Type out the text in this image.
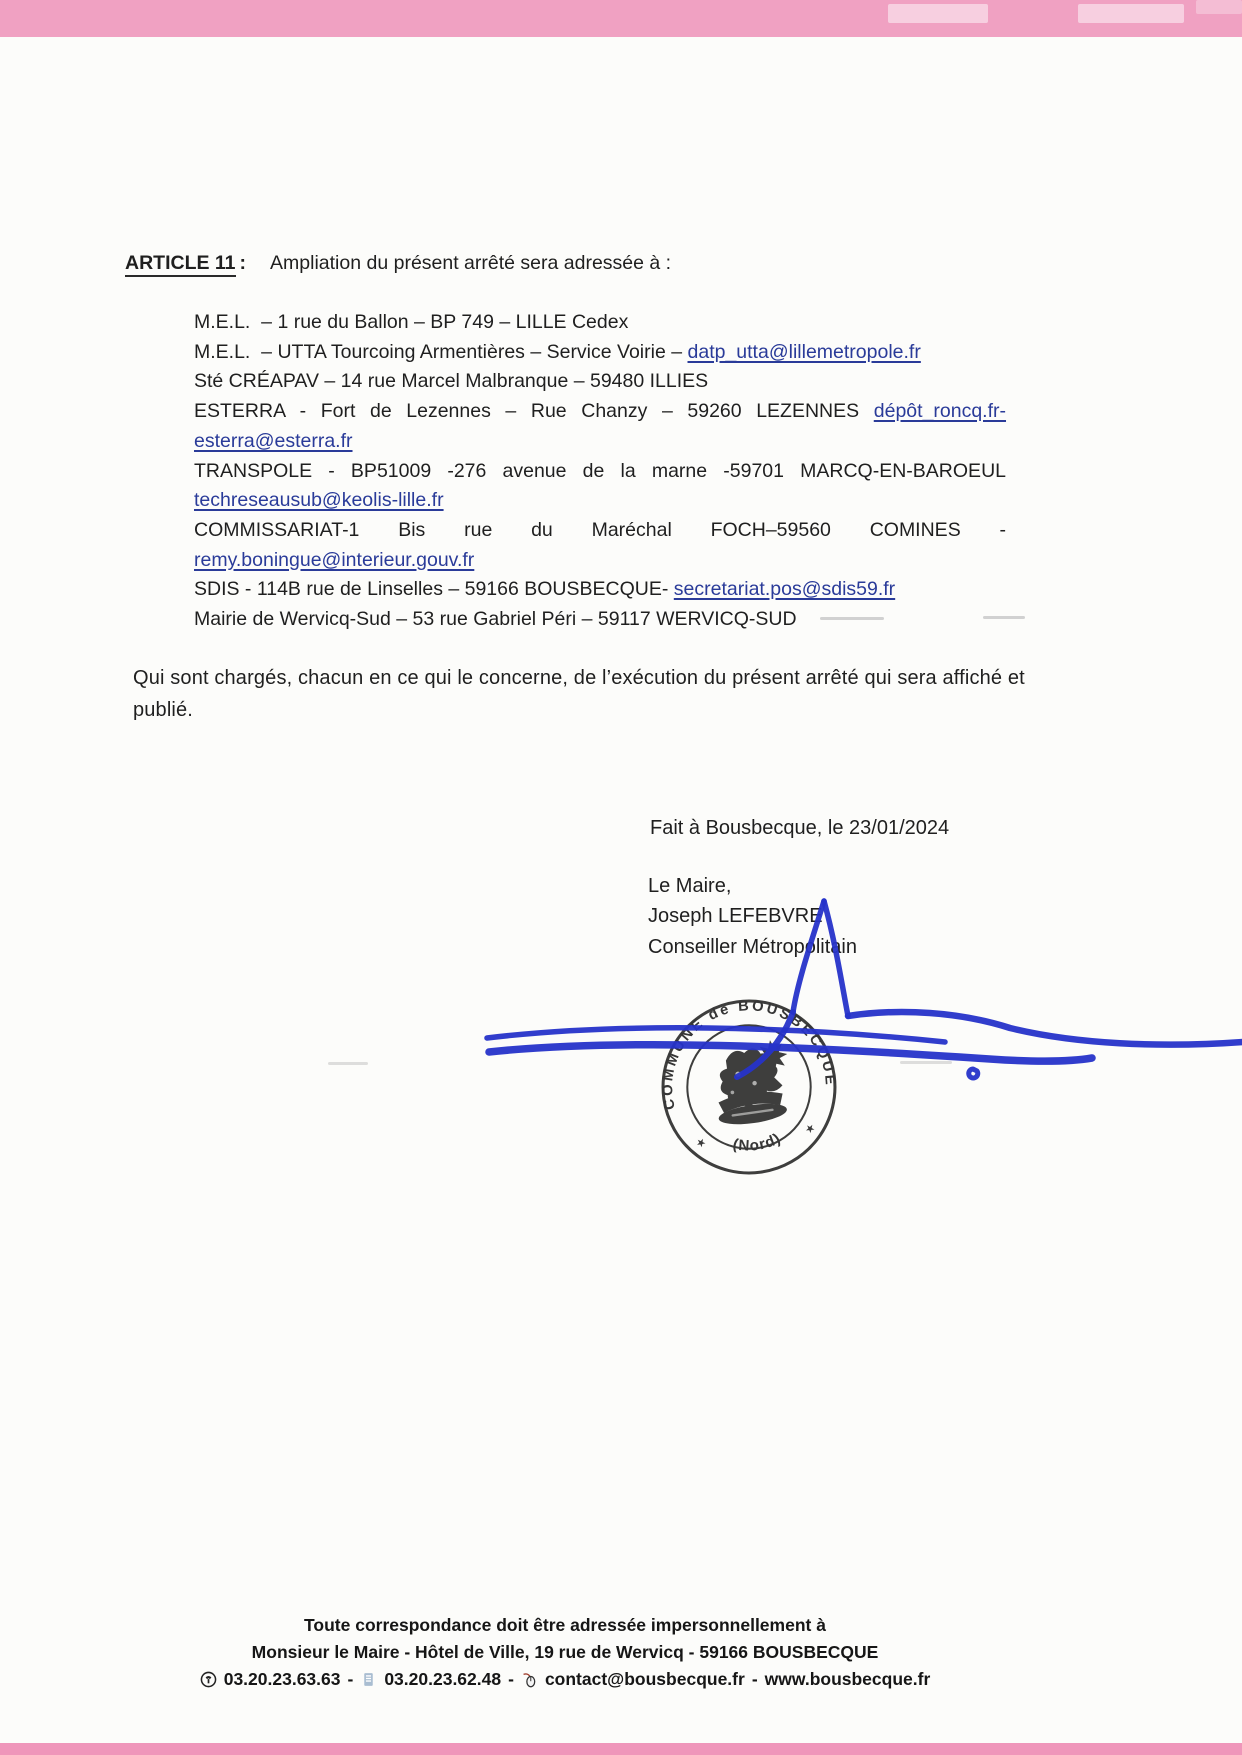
ARTICLE 11 : Ampliation du présent arrêté sera adressée à :
M.E.L.  – 1 rue du Ballon – BP 749 – LILLE Cedex
M.E.L.  – UTTA Tourcoing Armentières – Service Voirie – datp_utta@lillemetropole.fr
Sté CRÉAPAV – 14 rue Marcel Malbranque – 59480 ILLIES
ESTERRA - Fort de Lezennes – Rue Chanzy – 59260 LEZENNES dépôt_roncq.fr-
esterra@esterra.fr
TRANSPOLE - BP51009 -276 avenue de la marne -59701 MARCQ-EN-BAROEUL
techreseausub@keolis-lille.fr
COMMISSARIAT-1 Bis rue du Maréchal FOCH–59560 COMINES -
remy.boningue@interieur.gouv.fr
SDIS - 114B rue de Linselles – 59166 BOUSBECQUE- secretariat.pos@sdis59.fr
Mairie de Wervicq-Sud – 53 rue Gabriel Péri – 59117 WERVICQ-SUD
Qui sont chargés, chacun en ce qui le concerne, de l’exécution du présent arrêté qui sera affiché et
publié.
Fait à Bousbecque, le 23/01/2024
Le Maire,
Joseph LEFEBVRE
Conseiller Métropolitain
COMMUNE de BOUSBECQUE
(Nord)
★
★
Toute correspondance doit être adressée impersonnellement à
Monsieur le Maire - Hôtel de Ville, 19 rue de Wervicq - 59166 BOUSBECQUE
03.20.23.63.63 - 03.20.23.62.48 - contact@bousbecque.fr - www.bousbecque.fr
